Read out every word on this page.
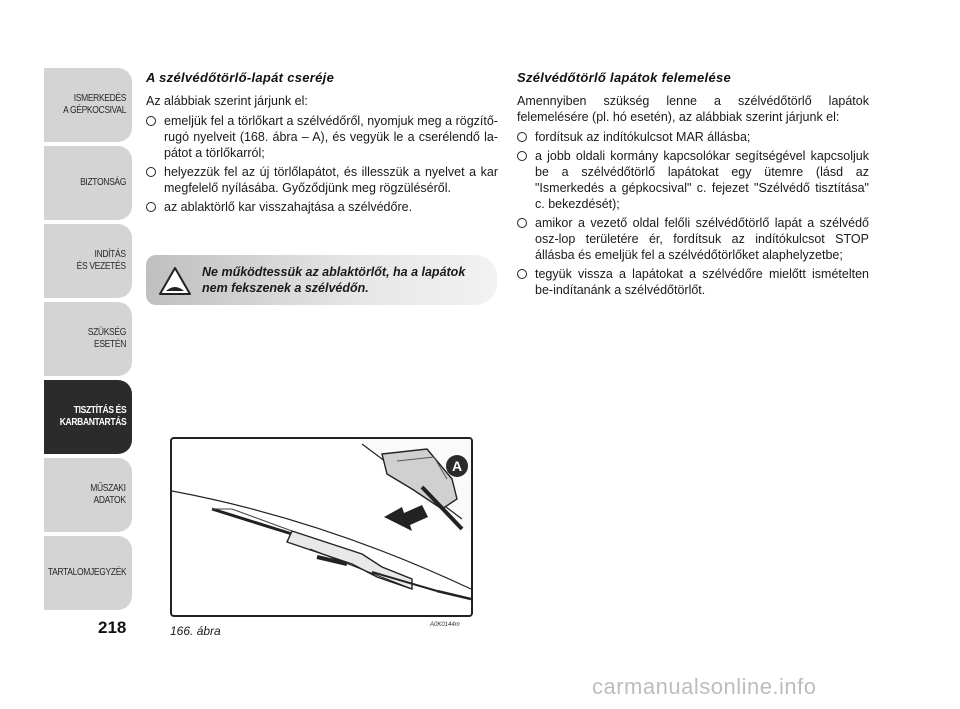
ISMERKEDÉS
A GÉPKOCSIVAL
BIZTONSÁG
INDÍTÁS
ÉS VEZETÉS
SZÜKSÉG
ESETÉN
TISZTÍTÁS ÉS
KARBANTARTÁS
MŰSZAKI
ADATOK
TARTALOMJEGYZÉK
218
A szélvédőtörlő-lapát cseréje

Az alábbiak szerint járjunk el:

emeljük fel a törlőkart a szélvédőről, nyomjuk meg a rögzítő-rugó nyelveit (168. ábra – A), és vegyük le a cserélendő la-pátot a törlőkarról;
helyezzük fel az új törlőlapátot, és illesszük a nyelvet a kar megfelelő nyílásába. Győződjünk meg rögzüléséről.
az ablaktörlő kar visszahajtása a szélvédőre.
Ne működtessük az ablaktörlőt, ha a lapátok nem fekszenek a szélvédőn.
Szélvédőtörlő lapátok felemelése

Amennyiben szükség lenne a szélvédőtörlő lapátok felemelésére (pl. hó esetén), az alábbiak szerint járjunk el:

fordítsuk az indítókulcsot MAR állásba;
a jobb oldali kormány kapcsolókar segítségével kapcsoljuk be a szélvédőtörlő lapátokat egy ütemre (lásd az "Ismerkedés a gépkocsival" c. fejezet "Szélvédő tisztítása" c. bekezdését);
amikor a vezető oldal felőli szélvédőtörlő lapát a szélvédő osz-lop területére ér, fordítsuk az indítókulcsot STOP állásba és emeljük fel a szélvédőtörlőket alaphelyzetbe;
tegyük vissza a lapátokat a szélvédőre mielőtt ismételten be-indítanánk a szélvédőtörlőt.
A
166. ábra	A0K0144m
carmanualsonline.info
